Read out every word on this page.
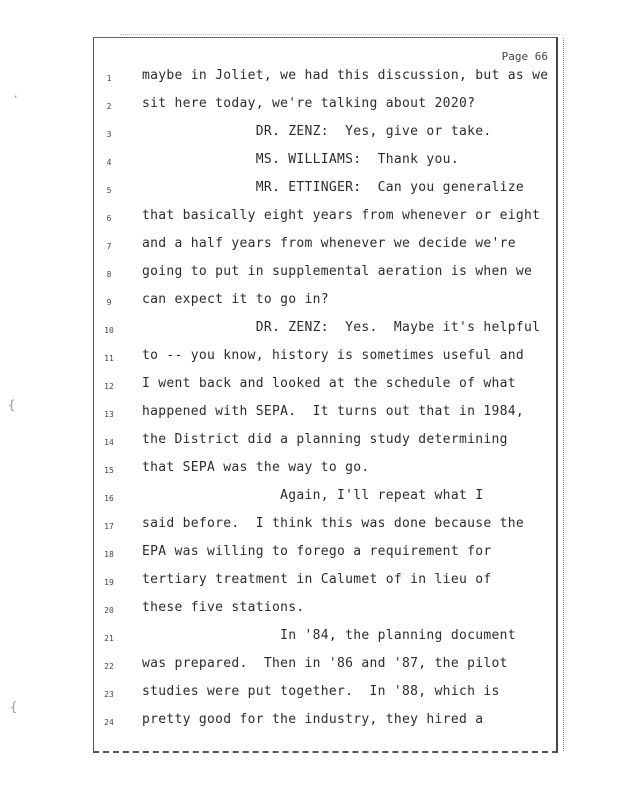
·
{
{
Page 66
1	maybe in Joliet, we had this discussion, but as we
2	sit here today, we're talking about 2020?
3	DR. ZENZ:  Yes, give or take.
4	MS. WILLIAMS:  Thank you.
5	MR. ETTINGER:  Can you generalize
6	that basically eight years from whenever or eight
7	and a half years from whenever we decide we're
8	going to put in supplemental aeration is when we
9	can expect it to go in?
10	DR. ZENZ:  Yes.  Maybe it's helpful
11	to -- you know, history is sometimes useful and
12	I went back and looked at the schedule of what
13	happened with SEPA.  It turns out that in 1984,
14	the District did a planning study determining
15	that SEPA was the way to go.
16	Again, I'll repeat what I
17	said before.  I think this was done because the
18	EPA was willing to forego a requirement for
19	tertiary treatment in Calumet of in lieu of
20	these five stations.
21	In '84, the planning document
22	was prepared.  Then in '86 and '87, the pilot
23	studies were put together.  In '88, which is
24	pretty good for the industry, they hired a
